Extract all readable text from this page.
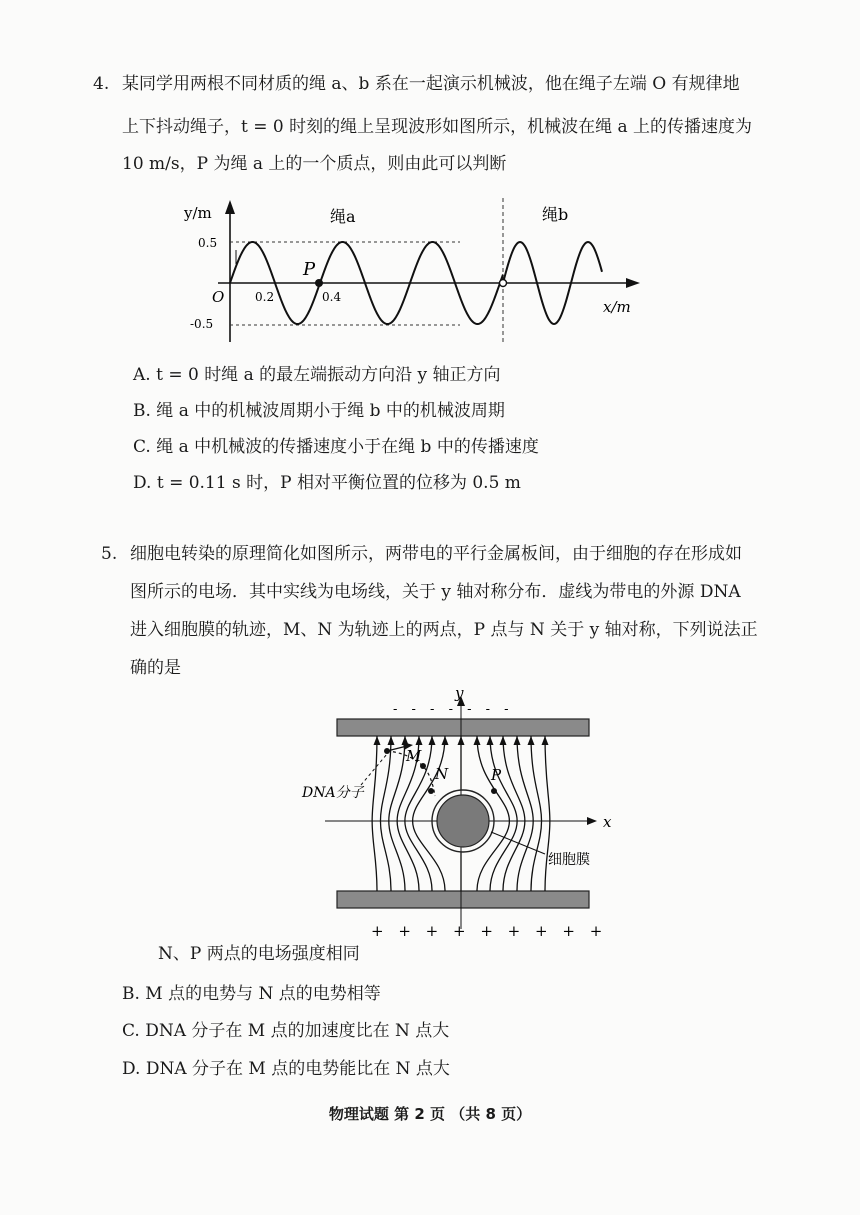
4. 某同学用两根不同材质的绳 a、b 系在一起演示机械波，他在绳子左端 O 有规律地
上下抖动绳子，t = 0 时刻的绳上呈现波形如图所示，机械波在绳 a 上的传播速度为
10 m/s，P 为绳 a 上的一个质点，则由此可以判断
y/m
0.5
-0.5
O	0.2	0.4
P
x/m
绳a	绳b
A. t = 0 时绳 a 的最左端振动方向沿 y 轴正方向
B. 绳 a 中的机械波周期小于绳 b 中的机械波周期
C. 绳 a 中机械波的传播速度小于在绳 b 中的传播速度
D. t = 0.11 s 时，P 相对平衡位置的位移为 0.5 m
5. 细胞电转染的原理简化如图所示，两带电的平行金属板间，由于细胞的存在形成如
图所示的电场．其中实线为电场线，关于 y 轴对称分布．虚线为带电的外源 DNA
进入细胞膜的轨迹，M、N 为轨迹上的两点，P 点与 N 关于 y 轴对称，下列说法正
确的是
y
x
- - - - - - -
+ + + + + + + + +
M
N	P
DNA分子
细胞膜
N、P 两点的电场强度相同
B. M 点的电势与 N 点的电势相等
C. DNA 分子在 M 点的加速度比在 N 点大
D. DNA 分子在 M 点的电势能比在 N 点大
物理试题 第 2 页 （共 8 页）
